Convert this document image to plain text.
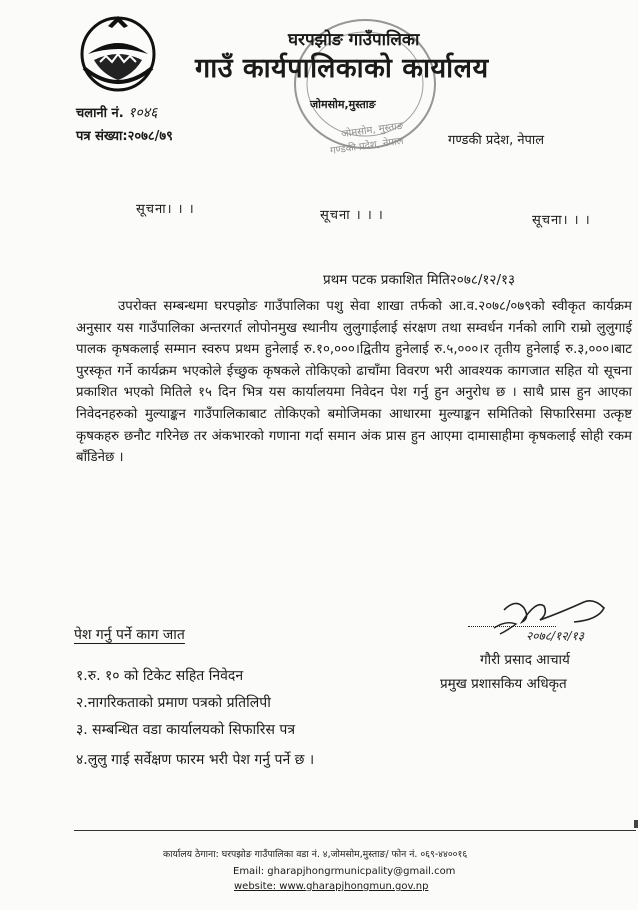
जोमसोम, मुस्ताङ
गण्डकी प्रदेश, नेपाल
घरपझोङ गाउँपालिका
गाउँ कार्यपालिकाको कार्यालय
जोमसोम,मुस्ताङ
चलानी नं. १०४६
पत्र संख्या:२०७८/७९	गण्डकी प्रदेश, नेपाल
सूचना। । ।	सूचना । । ।	सूचना। । ।
प्रथम पटक प्रकाशित मिति२०७८/१२/१३
उपरोक्त सम्बन्धमा घरपझोङ गाउँपालिका पशु सेवा शाखा तर्फको आ.व.२०७८/०७९को स्वीकृत कार्यक्रम अनुसार यस गाउँपालिका अन्तरगर्त लोपोनमुख स्थानीय लुलुगाईलाई संरक्षण तथा सम्वर्धन गर्नको लागि राम्रो लुलुगाई पालक कृषकलाई सम्मान स्वरुप प्रथम हुनेलाई रु.१०,०००।द्वितीय हुनेलाई रु.५,०००।र तृतीय हुनेलाई रु.३,०००।बाट पुरस्कृत गर्ने कार्यक्रम भएकोले ईच्छुक कृषकले तोकिएको ढाचाँमा विवरण भरी आवश्यक कागजात सहित यो सूचना प्रकाशित भएको मितिले १५ दिन भित्र यस कार्यालयमा निवेदन पेश गर्नु हुन अनुरोध छ । साथै प्रास हुन आएका निवेदनहरुको मुल्याङ्कन गाउँपालिकाबाट तोकिएको बमोजिमका आधारमा मुल्याङ्कन समितिको सिफारिसमा उत्कृष्ट कृषकहरु छनौट गरिनेछ तर अंकभारको गणाना गर्दा समान अंक प्रास हुन आएमा दामासाहीमा कृषकलाई सोही रकम बाँडिनेछ ।
पेश गर्नु पर्ने काग जात
१.रु. १० को टिकेट सहित निवेदन
२.नागरिकताको प्रमाण पत्रको प्रतिलिपी
३. सम्बन्धित वडा कार्यालयको सिफारिस पत्र
४.लुलु गाई सर्वेक्षण फारम भरी पेश गर्नु पर्ने छ ।
२०७८/१२/१३
गौरी प्रसाद आचार्य
प्रमुख प्रशासकिय अधिकृत
कार्यालय ठेगाना: घरपझोङ गाउँपालिका वडा नं. ४,जोमसोम,मुस्ताङ/ फोन नं. ०६९-४४००१६
Email: gharapjhongrmunicpality@gmail.com
website: www.gharapjhongmun.gov.np
